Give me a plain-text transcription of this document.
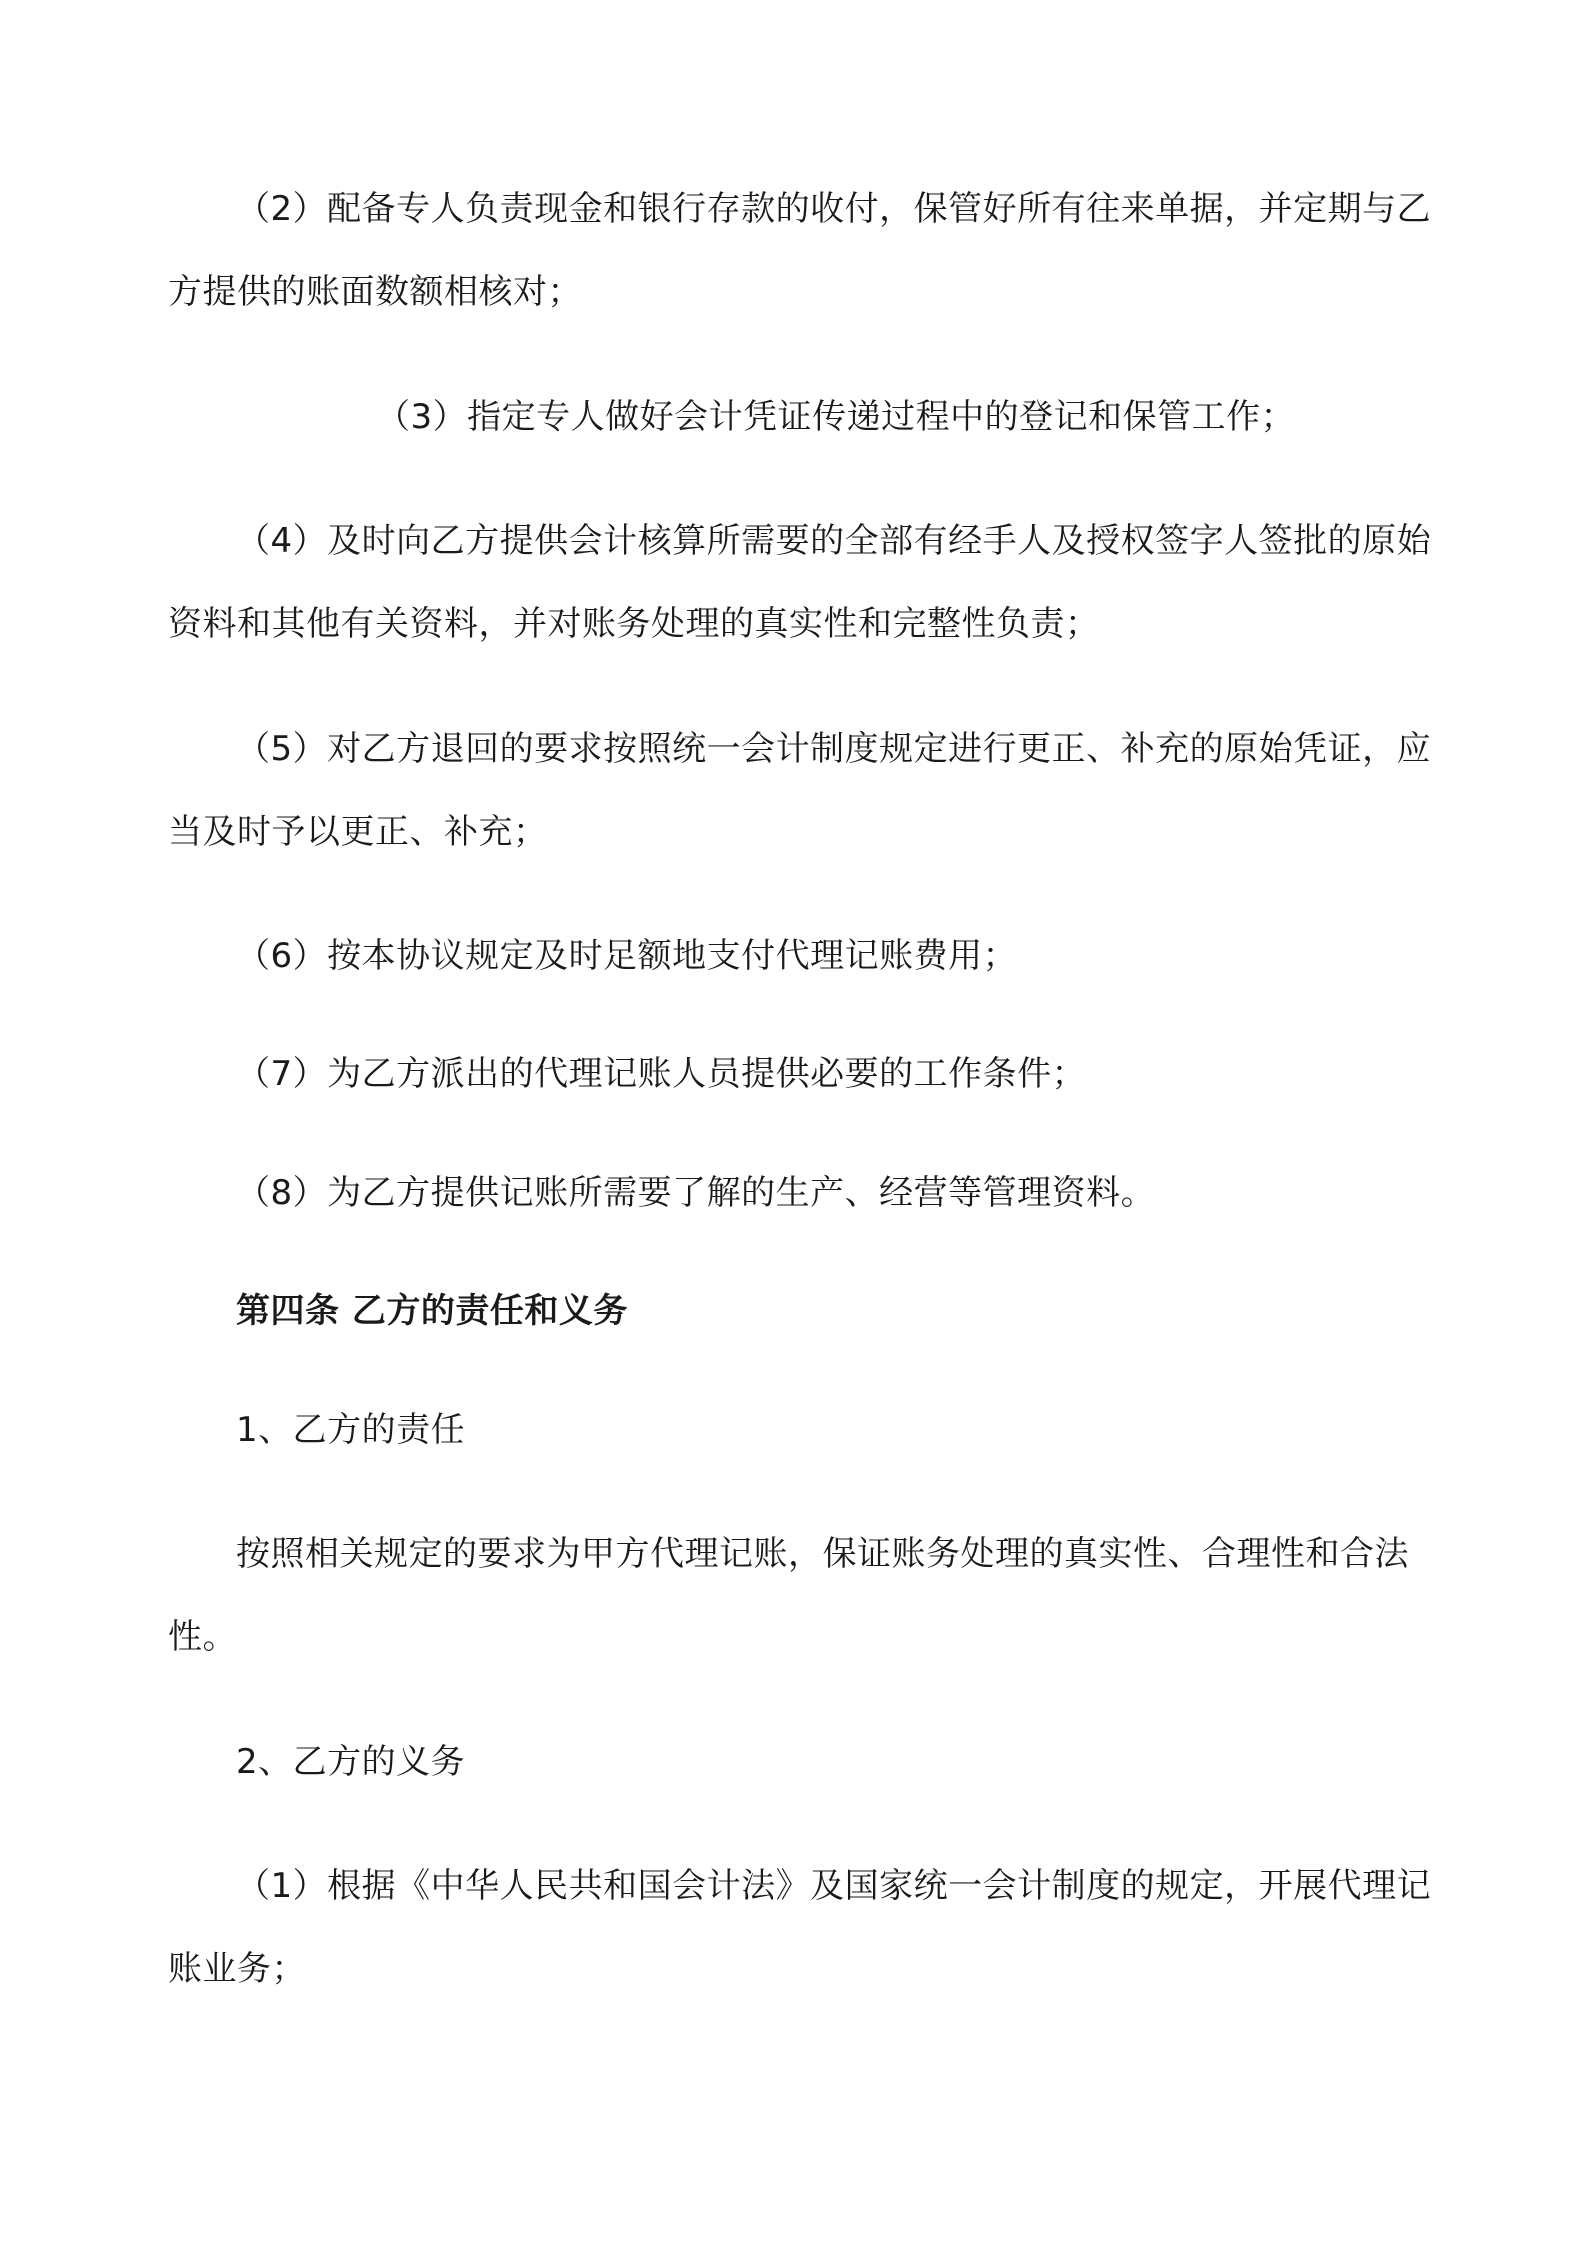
（2）配备专人负责现金和银行存款的收付，保管好所有往来单据，并定期与乙
方提供的账面数额相核对；
（3）指定专人做好会计凭证传递过程中的登记和保管工作；
（4）及时向乙方提供会计核算所需要的全部有经手人及授权签字人签批的原始
资料和其他有关资料，并对账务处理的真实性和完整性负责；
（5）对乙方退回的要求按照统一会计制度规定进行更正、补充的原始凭证，应
当及时予以更正、补充；
（6）按本协议规定及时足额地支付代理记账费用；
（7）为乙方派出的代理记账人员提供必要的工作条件；
（8）为乙方提供记账所需要了解的生产、经营等管理资料。
第四条 乙方的责任和义务
1、乙方的责任
按照相关规定的要求为甲方代理记账，保证账务处理的真实性、合理性和合法
性。
2、乙方的义务
（1）根据《中华人民共和国会计法》及国家统一会计制度的规定，开展代理记
账业务；
